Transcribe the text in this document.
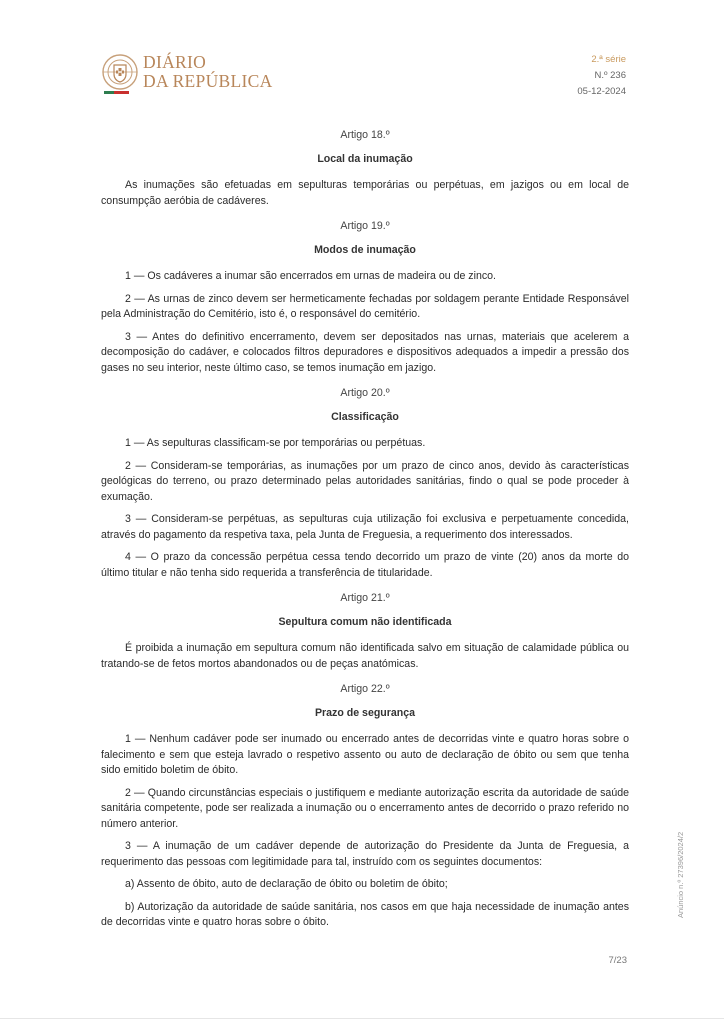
DIÁRIO
DA REPÚBLICA
2.ª série
N.º 236
05-12-2024
Artigo 18.º
Local da inumação
As inumações são efetuadas em sepulturas temporárias ou perpétuas, em jazigos ou em local de consumpção aeróbia de cadáveres.
Artigo 19.º
Modos de inumação
1 — Os cadáveres a inumar são encerrados em urnas de madeira ou de zinco.
2 — As urnas de zinco devem ser hermeticamente fechadas por soldagem perante Entidade Responsável pela Administração do Cemitério, isto é, o responsável do cemitério.
3 — Antes do definitivo encerramento, devem ser depositados nas urnas, materiais que acelerem a decomposição do cadáver, e colocados filtros depuradores e dispositivos adequados a impedir a pressão dos gases no seu interior, neste último caso, se temos inumação em jazigo.
Artigo 20.º
Classificação
1 — As sepulturas classificam-se por temporárias ou perpétuas.
2 — Consideram-se temporárias, as inumações por um prazo de cinco anos, devido às características geológicas do terreno, ou prazo determinado pelas autoridades sanitárias, findo o qual se pode proceder à exumação.
3 — Consideram-se perpétuas, as sepulturas cuja utilização foi exclusiva e perpetuamente concedida, através do pagamento da respetiva taxa, pela Junta de Freguesia, a requerimento dos interessados.
4 — O prazo da concessão perpétua cessa tendo decorrido um prazo de vinte (20) anos da morte do último titular e não tenha sido requerida a transferência de titularidade.
Artigo 21.º
Sepultura comum não identificada
É proibida a inumação em sepultura comum não identificada salvo em situação de calamidade pública ou tratando-se de fetos mortos abandonados ou de peças anatómicas.
Artigo 22.º
Prazo de segurança
1 — Nenhum cadáver pode ser inumado ou encerrado antes de decorridas vinte e quatro horas sobre o falecimento e sem que esteja lavrado o respetivo assento ou auto de declaração de óbito ou sem que tenha sido emitido boletim de óbito.
2 — Quando circunstâncias especiais o justifiquem e mediante autorização escrita da autoridade de saúde sanitária competente, pode ser realizada a inumação ou o encerramento antes de decorrido o prazo referido no número anterior.
3 — A inumação de um cadáver depende de autorização do Presidente da Junta de Freguesia, a requerimento das pessoas com legitimidade para tal, instruído com os seguintes documentos:
a) Assento de óbito, auto de declaração de óbito ou boletim de óbito;
b) Autorização da autoridade de saúde sanitária, nos casos em que haja necessidade de inumação antes de decorridas vinte e quatro horas sobre o óbito.
Anúncio n.º 27396/2024/2
7/23
